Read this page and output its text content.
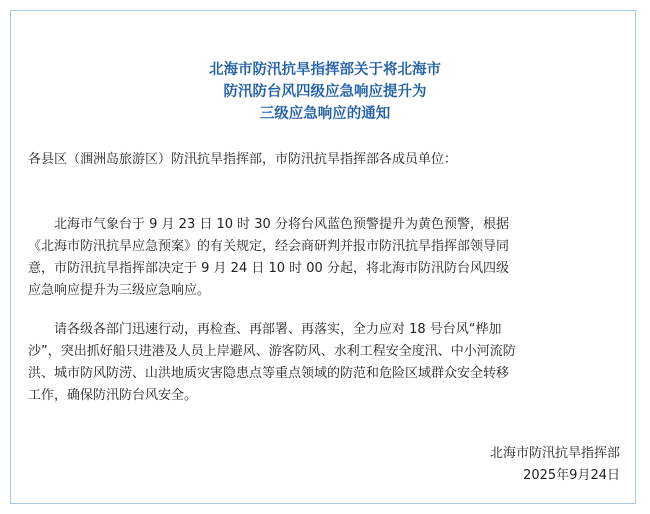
北海市防汛抗旱指挥部关于将北海市
防汛防台风四级应急响应提升为
三级应急响应的通知
各县区（涠洲岛旅游区）防汛抗旱指挥部，市防汛抗旱指挥部各成员单位：
　　北海市气象台于 9 月 23 日 10 时 30 分将台风蓝色预警提升为黄色预警，根据
《北海市防汛抗旱应急预案》的有关规定，经会商研判并报市防汛抗旱指挥部领导同
意，市防汛抗旱指挥部决定于 9 月 24 日 10 时 00 分起，将北海市防汛防台风四级
应急响应提升为三级应急响应。
　　请各级各部门迅速行动，再检查、再部署、再落实，全力应对 18 号台风“桦加
沙”，突出抓好船只进港及人员上岸避风、游客防风、水利工程安全度汛、中小河流防
洪、城市防风防涝、山洪地质灾害隐患点等重点领域的防范和危险区域群众安全转移
工作，确保防汛防台风安全。
北海市防汛抗旱指挥部
2025年9月24日
